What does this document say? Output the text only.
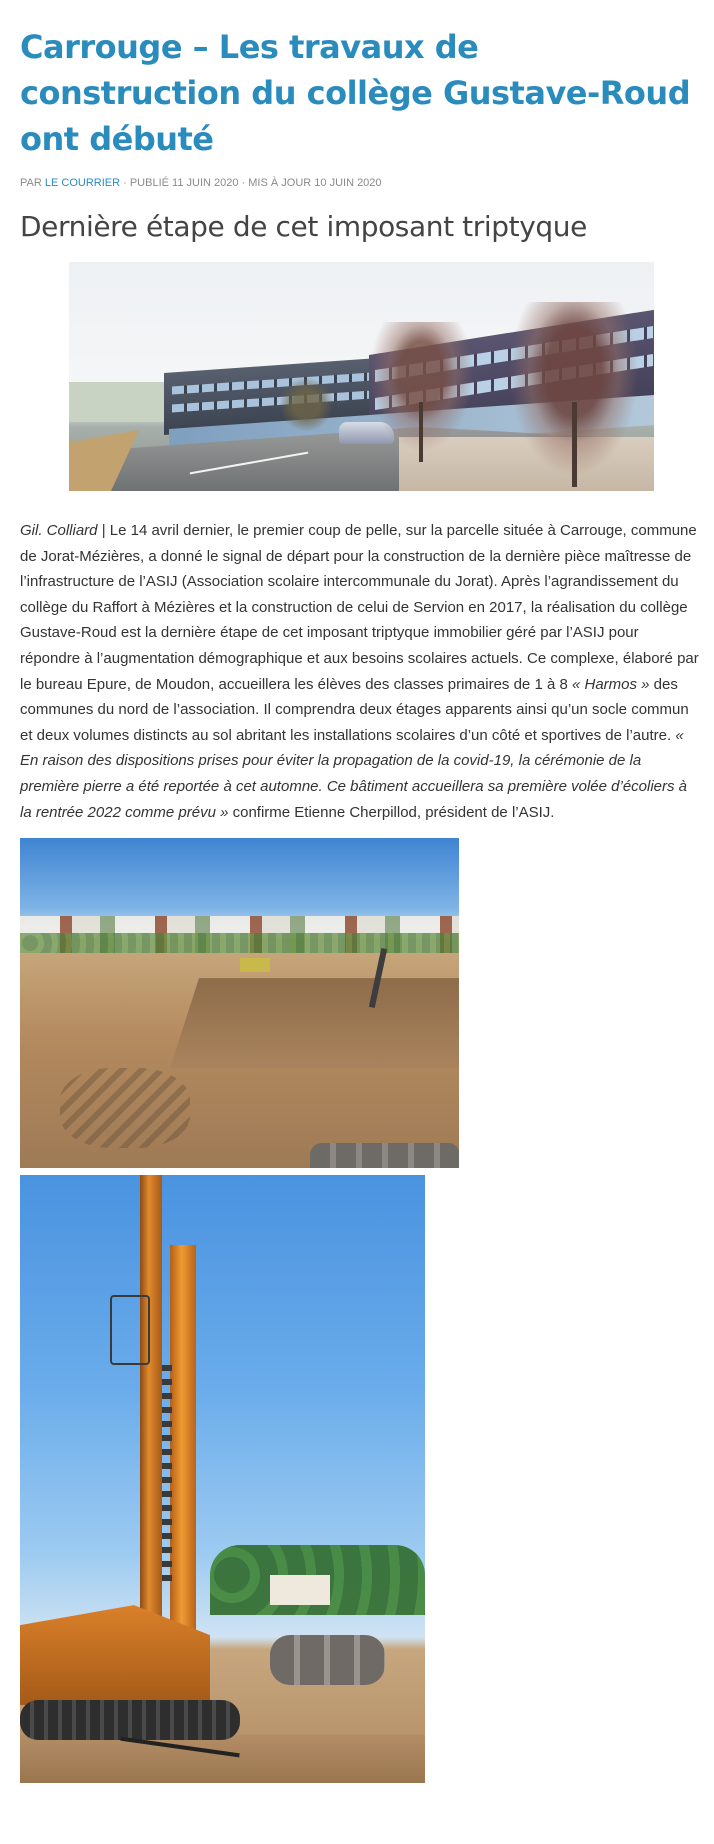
Carrouge – Les travaux de construction du collège Gustave-Roud ont débuté
PAR LE COURRIER · PUBLIÉ 11 JUIN 2020 · MIS À JOUR 10 JUIN 2020
Dernière étape de cet imposant triptyque

Gil. Colliard | Le 14 avril dernier, le premier coup de pelle, sur la parcelle située à Carrouge, commune de Jorat-Mézières, a donné le signal de départ pour la construction de la dernière pièce maîtresse de l’infrastructure de l’ASIJ (Association scolaire intercommunale du Jorat). Après l’agrandissement du collège du Raffort à Mézières et la construction de celui de Servion en 2017, la réalisation du collège Gustave-Roud est la dernière étape de cet imposant triptyque immobilier géré par l’ASIJ pour répondre à l’augmentation démographique et aux besoins scolaires actuels. Ce complexe, élaboré par le bureau Epure, de Moudon, accueillera les élèves des classes primaires de 1 à 8 « Harmos » des communes du nord de l’association. Il comprendra deux étages apparents ainsi qu’un socle commun et deux volumes distincts au sol abritant les installations scolaires d’un côté et sportives de l’autre. « En raison des dispositions prises pour éviter la propagation de la covid-19, la cérémonie de la première pierre a été reportée à cet automne. Ce bâtiment accueillera sa première volée d’écoliers à la rentrée 2022 comme prévu » confirme Etienne Cherpillod, président de l’ASIJ.
